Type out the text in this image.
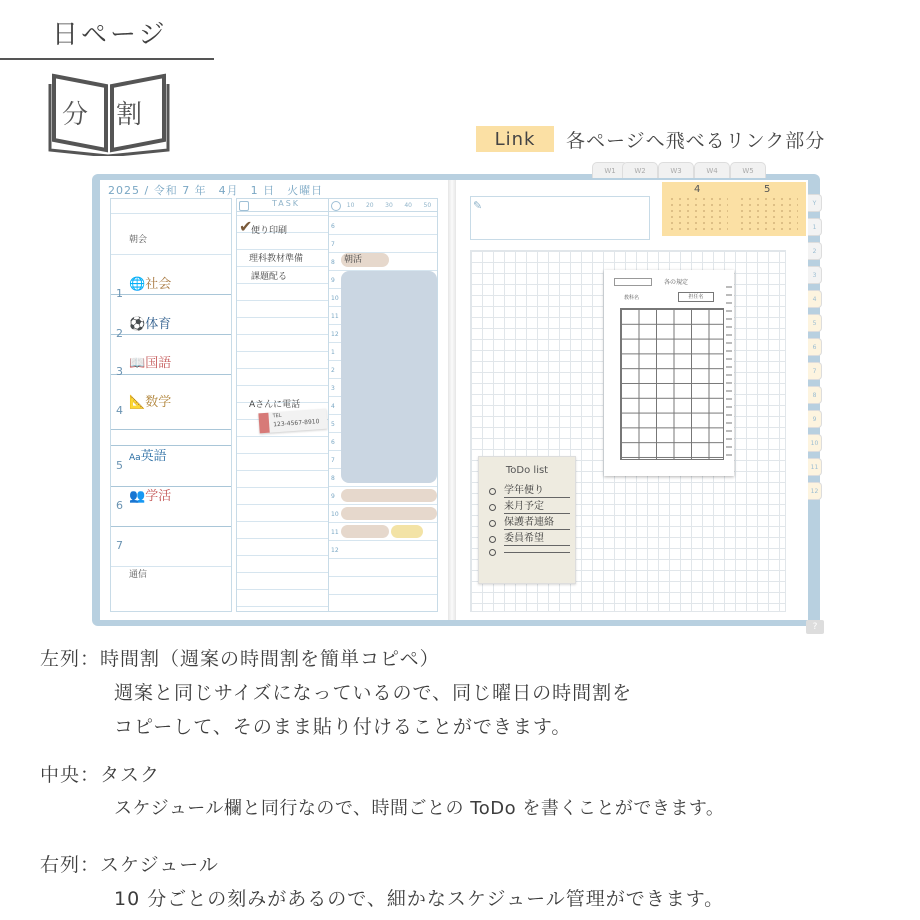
日ページ
分 割
Link	各ページへ飛べるリンク部分
W1	W2	W3	W4	W5
2025 / 令和 7 年　4月　1 日　火曜日
朝会
1
🌐社会
2
⚽体育
3
📖国語
4
📐数学
5
Aa英語
6
👥学活
7
通信
TASK
✔
便り印刷
理科教材準備
課題配る
Aさんに電話
TEL
123-4567-8910
10 20 30 40 50
6
7
8
9
10
11
12
1
2
3
4
5
6
7
8
9
10
11
12
朝活
✎
4	5
各の規定
教科名	担任名
ToDo list
学年便り
来月予定
保護者連絡
委員希望
Y
1
2
3
4
5
6
7
8
9
10
11
12
?
左列：時間割（週案の時間割を簡単コピペ）
週案と同じサイズになっているので、同じ曜日の時間割を
コピーして、そのまま貼り付けることができます。
中央：タスク
スケジュール欄と同行なので、時間ごとの ToDo を書くことができます。
右列：スケジュール
10 分ごとの刻みがあるので、細かなスケジュール管理ができます。
